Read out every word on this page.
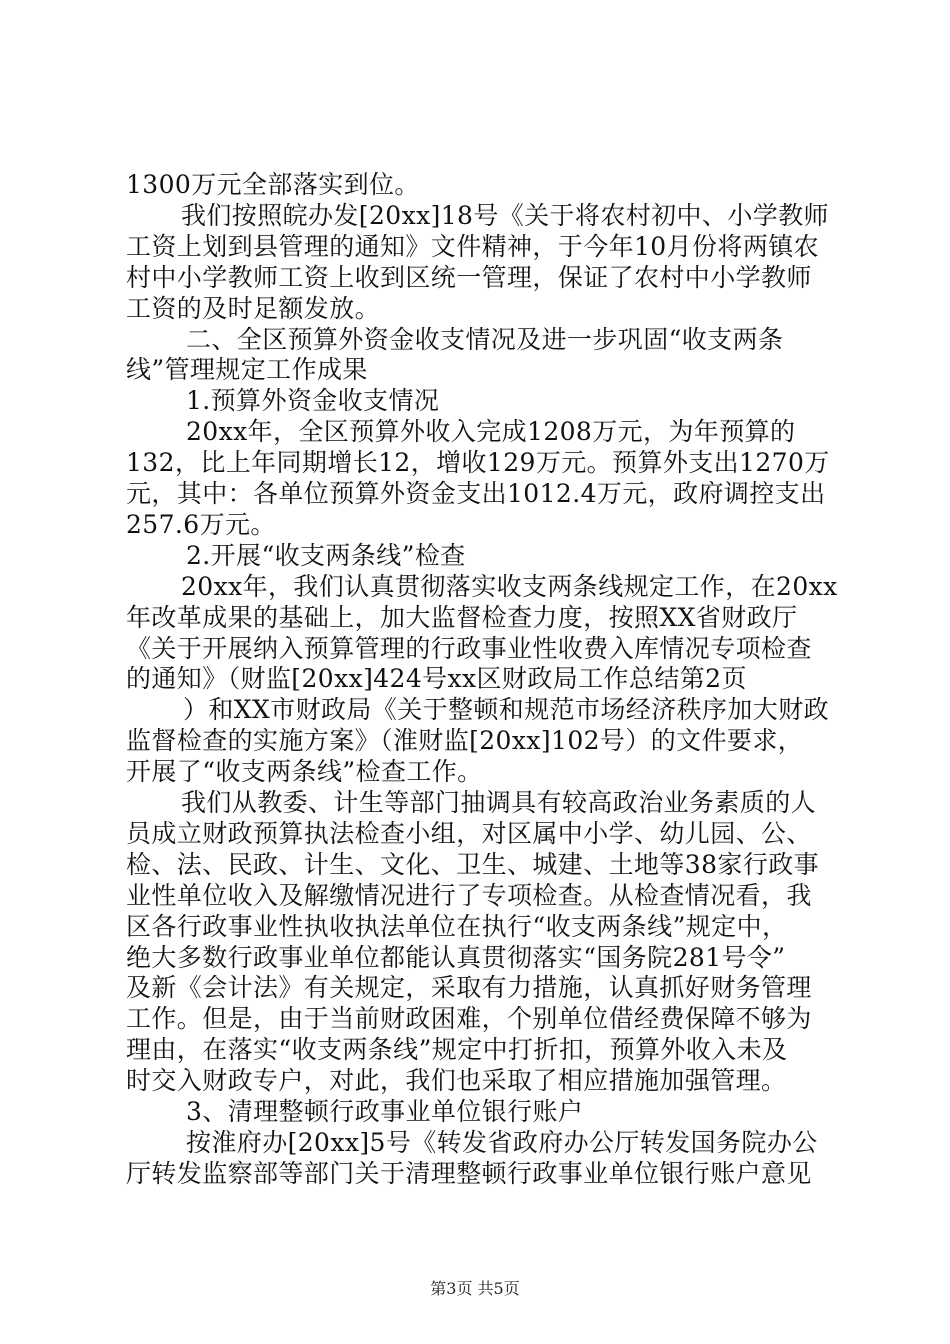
1300万元全部落实到位。
我们按照皖办发[20xx]18号《关于将农村初中、小学教师
工资上划到县管理的通知》文件精神，于今年10月份将两镇农
村中小学教师工资上收到区统一管理，保证了农村中小学教师
工资的及时足额发放。
二、全区预算外资金收支情况及进一步巩固“收支两条
线”管理规定工作成果
1.预算外资金收支情况
20xx年，全区预算外收入完成1208万元，为年预算的
132，比上年同期增长12，增收129万元。预算外支出1270万
元，其中：各单位预算外资金支出1012.4万元，政府调控支出
257.6万元。
2.开展“收支两条线”检查
20xx年，我们认真贯彻落实收支两条线规定工作，在20xx
年改革成果的基础上，加大监督检查力度，按照XX省财政厅
《关于开展纳入预算管理的行政事业性收费入库情况专项检查
的通知》（财监[20xx]424号xx区财政局工作总结第2页
）和XX市财政局《关于整顿和规范市场经济秩序加大财政
监督检查的实施方案》（淮财监[20xx]102号）的文件要求，
开展了“收支两条线”检查工作。
我们从教委、计生等部门抽调具有较高政治业务素质的人
员成立财政预算执法检查小组，对区属中小学、幼儿园、公、
检、法、民政、计生、文化、卫生、城建、土地等38家行政事
业性单位收入及解缴情况进行了专项检查。从检查情况看，我
区各行政事业性执收执法单位在执行“收支两条线”规定中，
绝大多数行政事业单位都能认真贯彻落实“国务院281号令”
及新《会计法》有关规定，采取有力措施，认真抓好财务管理
工作。但是，由于当前财政困难，个别单位借经费保障不够为
理由，在落实“收支两条线”规定中打折扣，预算外收入未及
时交入财政专户，对此，我们也采取了相应措施加强管理。
3、清理整顿行政事业单位银行账户
按淮府办[20xx]5号《转发省政府办公厅转发国务院办公
厅转发监察部等部门关于清理整顿行政事业单位银行账户意见
第3页 共5页
